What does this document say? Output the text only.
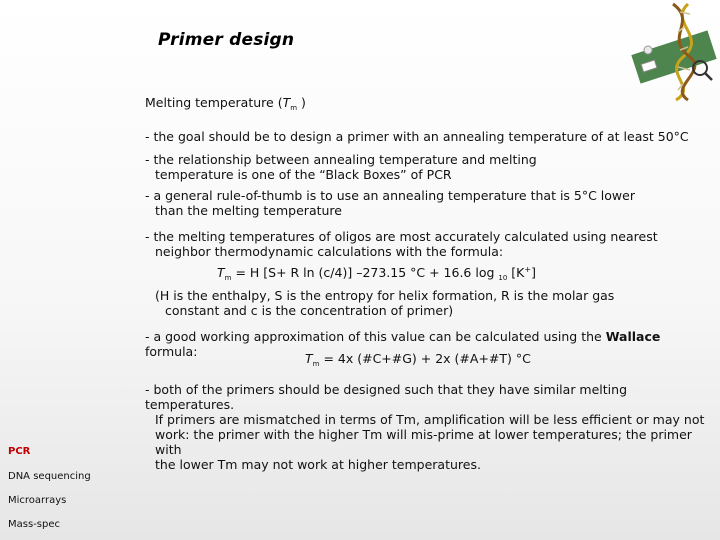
Primer design
Melting temperature ($T_m$ )
- the goal should be to design a primer with an annealing temperature of at least 50°C
- the relationship between annealing temperature and melting
temperature is one of the “Black Boxes” of PCR
- a general rule-of-thumb is to use an annealing temperature that is 5°C lower
than the melting temperature
- the melting temperatures of oligos are most accurately calculated using nearest
neighbor thermodynamic calculations with the formula:
$T_m = H$ [S+ R ln (c/4)] –273.15 °C + 16.6 log $_{10}$ [K+]
(H is the enthalpy, S is the entropy for helix formation, R is the molar gas
constant and c is the concentration of primer)
- a good working approximation of this value can be calculated using the Wallace formula:	$T_m = 4x$ (#C+#G) + 2x (#A+#T) °C
- both of the primers should be designed such that they have similar melting temperatures.
If primers are mismatched in terms of Tm, amplification will be less efficient or may not
work: the primer with the higher Tm will mis-prime at lower temperatures; the primer with
the lower Tm may not work at higher temperatures.
PCR
DNA sequencing
Microarrays
Mass-spec
